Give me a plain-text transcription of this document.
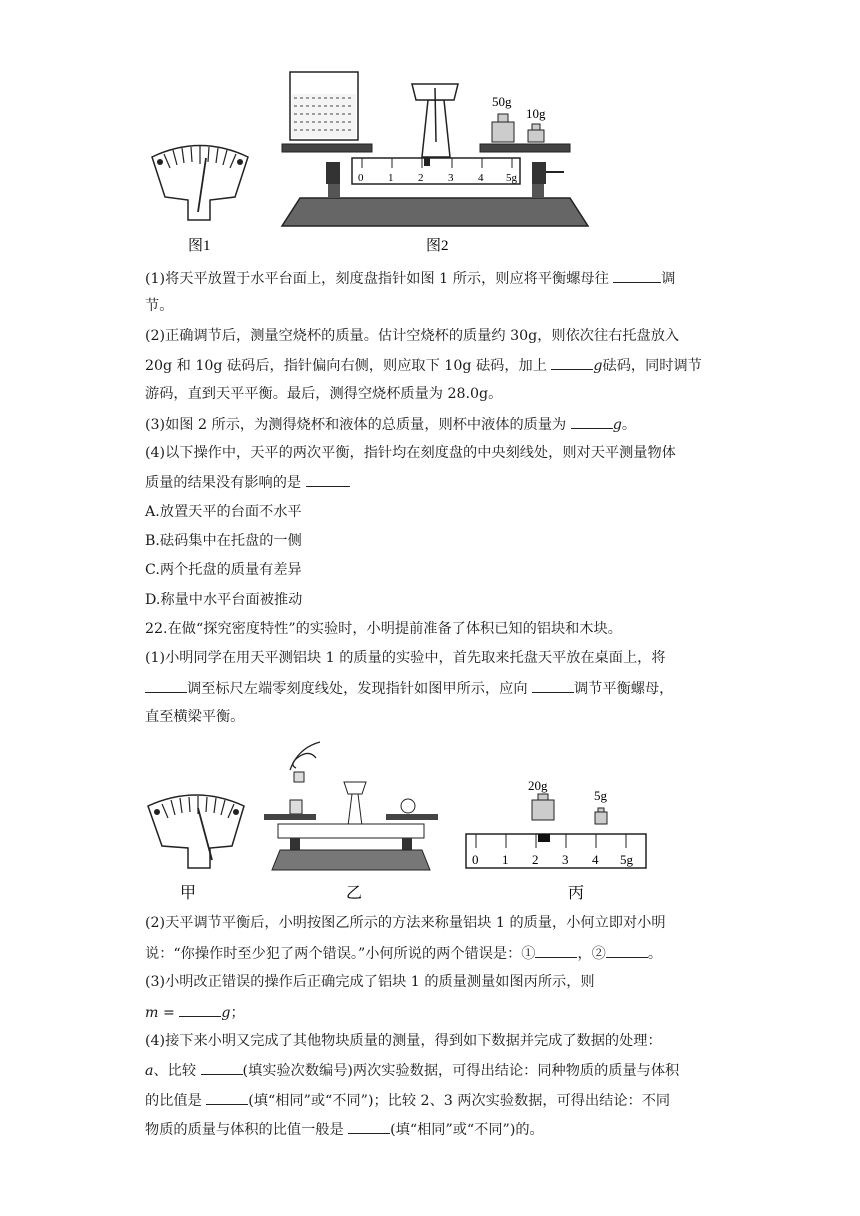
图1
50g
10g
0 1 2 3 4 5g
图2
(1)将天平放置于水平台面上，刻度盘指针如图 1 所示，则应将平衡螺母往	调
节。
(2)正确调节后，测量空烧杯的质量。估计空烧杯的质量约 30g，则依次往右托盘放入
20g 和 10g 砝码后，指针偏向右侧，则应取下 10g 砝码，加上	g砝码，同时调节
游码，直到天平平衡。最后，测得空烧杯质量为 28.0g。
(3)如图 2 所示，为测得烧杯和液体的总质量，则杯中液体的质量为	g。
(4)以下操作中，天平的两次平衡，指针均在刻度盘的中央刻线处，则对天平测量物体
质量的结果没有影响的是
A.放置天平的台面不水平
B.砝码集中在托盘的一侧
C.两个托盘的质量有差异
D.称量中水平台面被推动
22.在做“探究密度特性”的实验时，小明提前准备了体积已知的铝块和木块。
(1)小明同学在用天平测铝块 1 的质量的实验中，首先取来托盘天平放在桌面上，将
调至标尺左端零刻度线处，发现指针如图甲所示，应向	调节平衡螺母，
直至横梁平衡。
甲	乙
20g
5g
0 1 2 3 4 5g
丙
(2)天平调节平衡后，小明按图乙所示的方法来称量铝块 1 的质量，小何立即对小明
说：“你操作时至少犯了两个错误。”小何所说的两个错误是：①	，②	。
(3)小明改正错误的操作后正确完成了铝块 1 的质量测量如图丙所示，则
m =	g；
(4)接下来小明又完成了其他物块质量的测量，得到如下数据并完成了数据的处理：
a、比较	(填实验次数编号)两次实验数据，可得出结论：同种物质的质量与体积
的比值是	(填“相同”或“不同”)；比较 2、3 两次实验数据，可得出结论：不同
物质的质量与体积的比值一般是	(填“相同”或“不同”)的。
